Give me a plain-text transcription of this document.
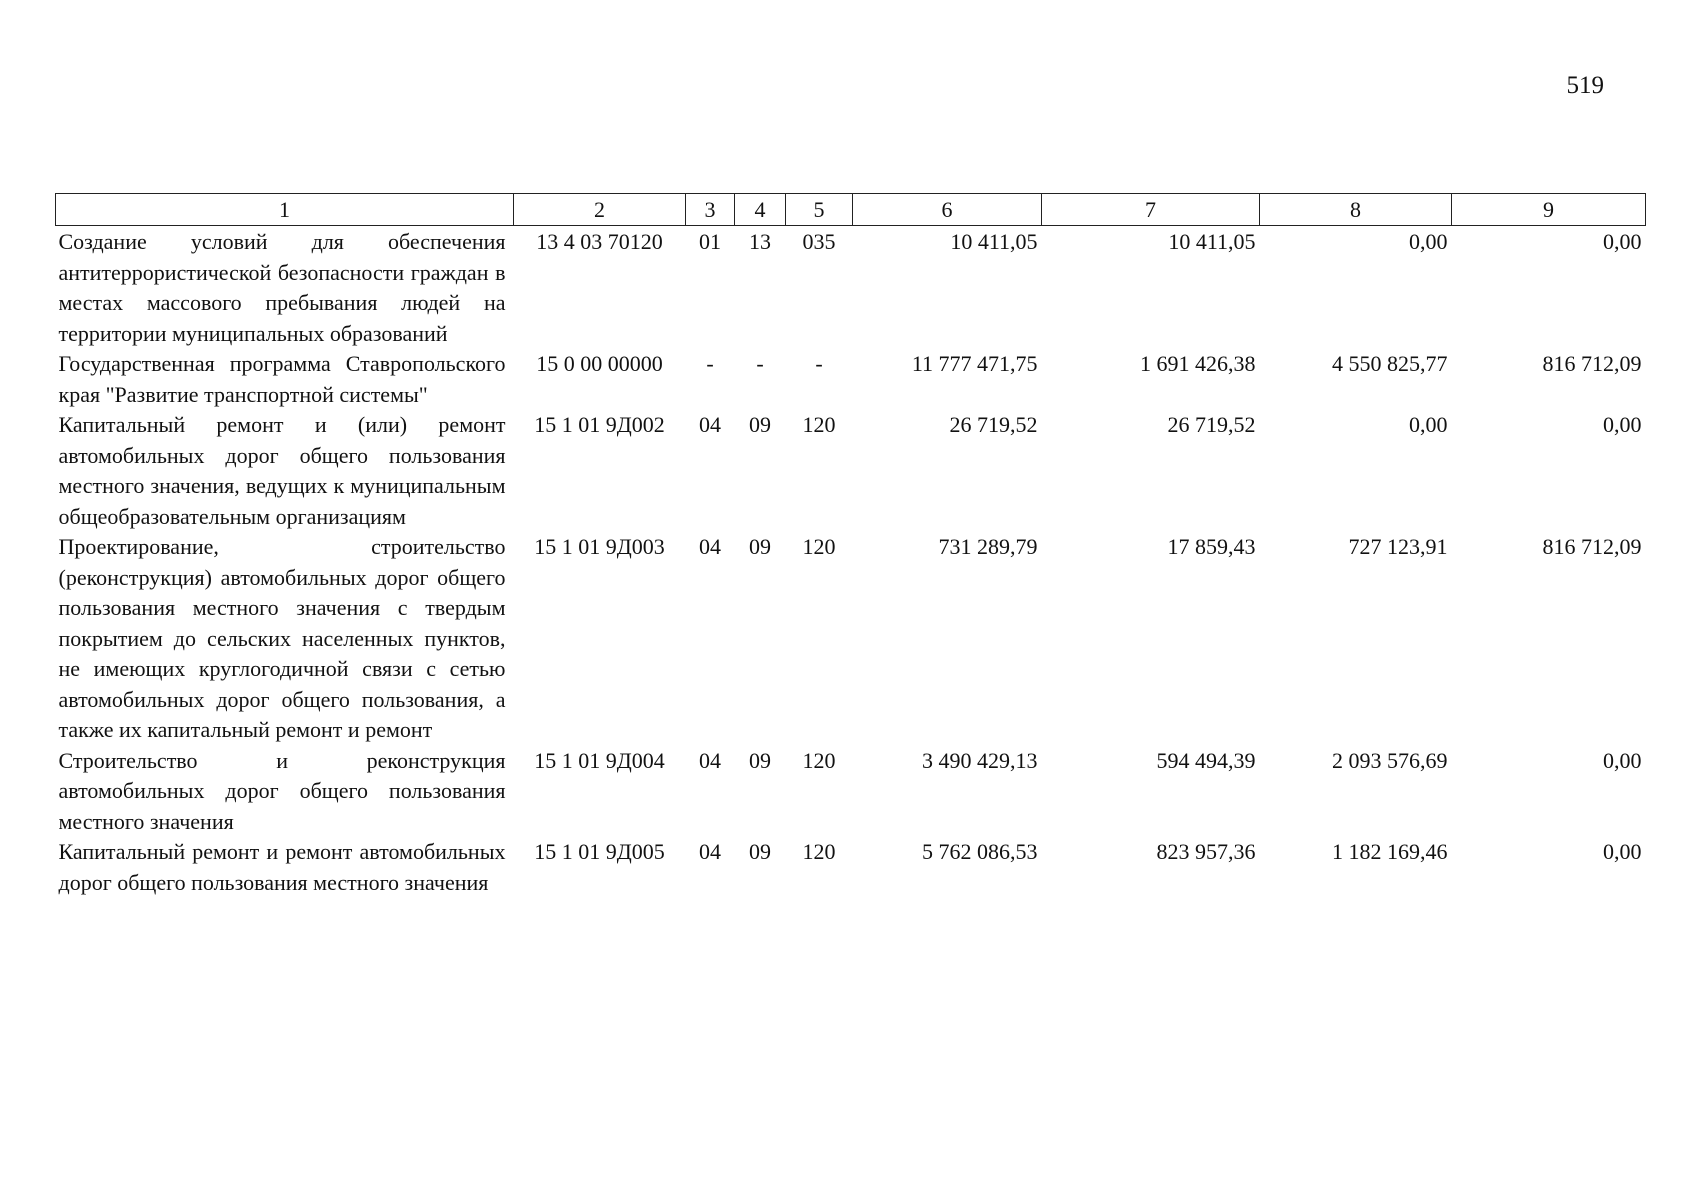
519
1	2	3	4	5	6	7	8	9
Создание условий для обеспечения антитеррористической безопасности граждан в местах массового пребывания людей на территории муниципальных образований	13 4 03 70120	01	13	035	10 411,05	10 411,05	0,00	0,00
Государственная программа Ставропольского края "Развитие транспортной системы"	15 0 00 00000	-	-	-	11 777 471,75	1 691 426,38	4 550 825,77	816 712,09
Капитальный ремонт и (или) ремонт автомобильных дорог общего пользования местного значения, ведущих к муниципальным общеобразовательным организациям	15 1 01 9Д002	04	09	120	26 719,52	26 719,52	0,00	0,00
Проектирование, строительство (реконструкция) автомобильных дорог общего пользования местного значения с твердым покрытием до сельских населенных пунктов, не имеющих круглогодичной связи с сетью автомобильных дорог общего пользования, а также их капитальный ремонт и ремонт	15 1 01 9Д003	04	09	120	731 289,79	17 859,43	727 123,91	816 712,09
Строительство и реконструкция автомобильных дорог общего пользования местного значения	15 1 01 9Д004	04	09	120	3 490 429,13	594 494,39	2 093 576,69	0,00
Капитальный ремонт и ремонт автомобильных дорог общего пользования местного значения	15 1 01 9Д005	04	09	120	5 762 086,53	823 957,36	1 182 169,46	0,00
